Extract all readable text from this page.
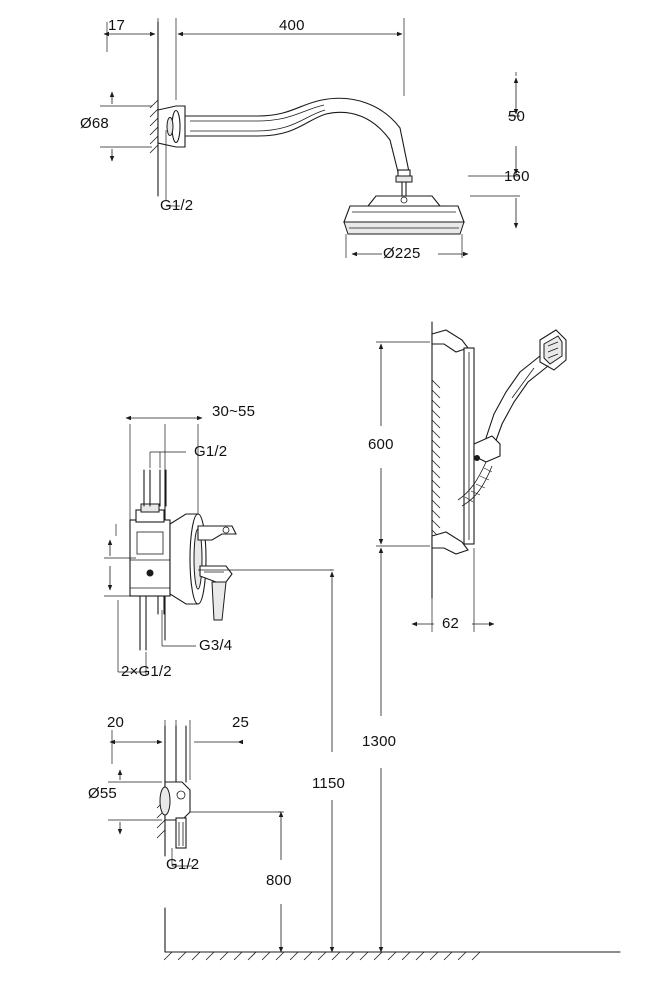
17	400
Ø68	50
160
Ø225
G1/2
30~55
G1/2
G3/4
2×G1/2
20	25
Ø55
G1/2
600
62
1300
1150
800
